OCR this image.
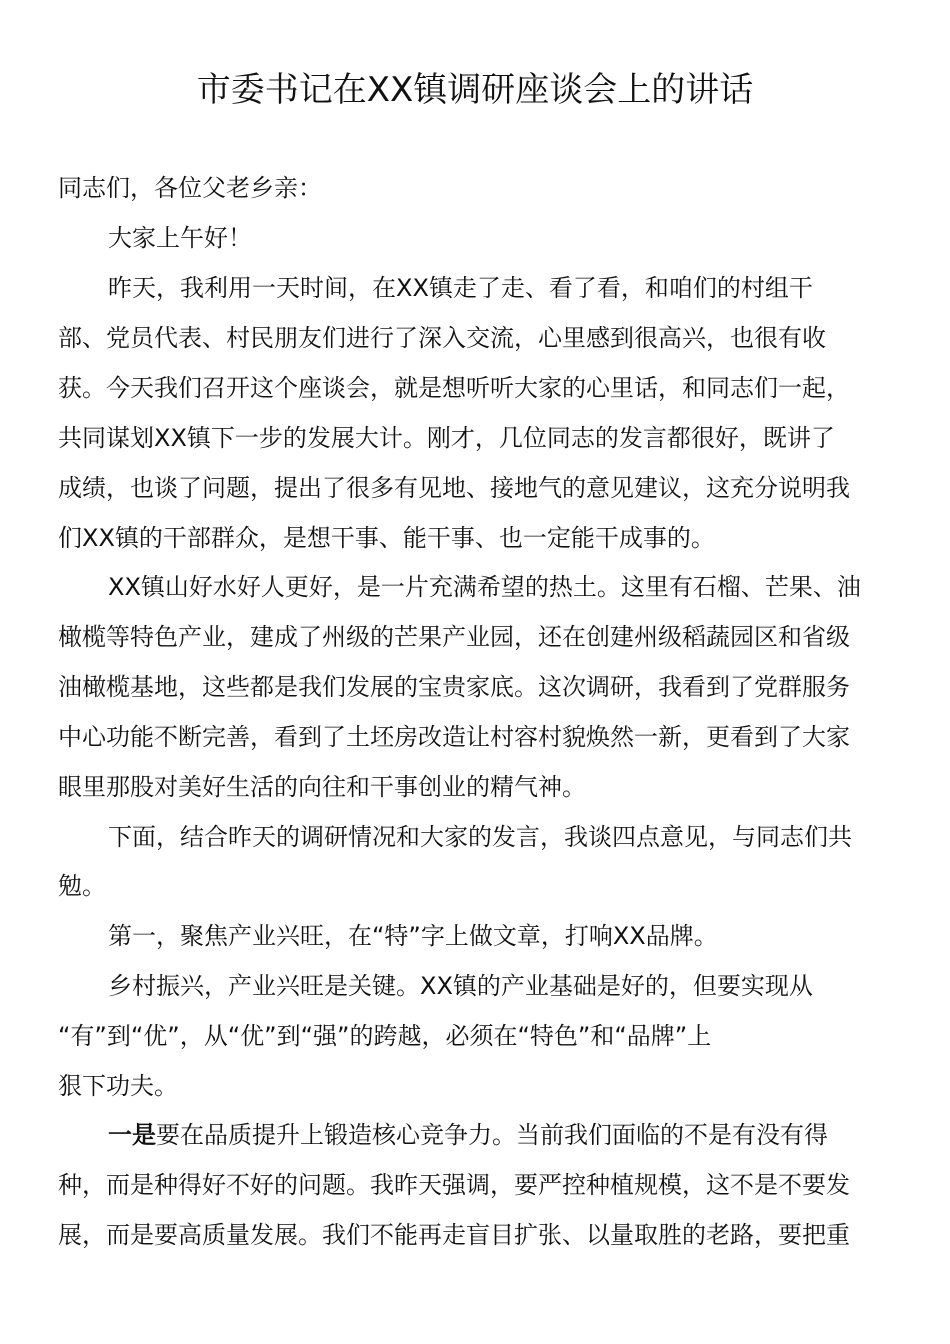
市委书记在XX镇调研座谈会上的讲话
同志们，各位父老乡亲：
大家上午好！
昨天，我利用一天时间，在XX镇走了走、看了看，和咱们的村组干
部、党员代表、村民朋友们进行了深入交流，心里感到很高兴，也很有收
获。今天我们召开这个座谈会，就是想听听大家的心里话，和同志们一起，
共同谋划XX镇下一步的发展大计。刚才，几位同志的发言都很好，既讲了
成绩，也谈了问题，提出了很多有见地、接地气的意见建议，这充分说明我
们XX镇的干部群众，是想干事、能干事、也一定能干成事的。
XX镇山好水好人更好，是一片充满希望的热土。这里有石榴、芒果、油
橄榄等特色产业，建成了州级的芒果产业园，还在创建州级稻蔬园区和省级
油橄榄基地，这些都是我们发展的宝贵家底。这次调研，我看到了党群服务
中心功能不断完善，看到了土坯房改造让村容村貌焕然一新，更看到了大家
眼里那股对美好生活的向往和干事创业的精气神。
下面，结合昨天的调研情况和大家的发言，我谈四点意见，与同志们共
勉。
第一，聚焦产业兴旺，在“特”字上做文章，打响XX品牌。
乡村振兴，产业兴旺是关键。XX镇的产业基础是好的，但要实现从
“有”到“优”，从“优”到“强”的跨越，必须在“特色”和“品牌”上
狠下功夫。
一是要在品质提升上锻造核心竞争力。当前我们面临的不是有没有得
种，而是种得好不好的问题。我昨天强调，要严控种植规模，这不是不要发
展，而是要高质量发展。我们不能再走盲目扩张、以量取胜的老路，要把重
